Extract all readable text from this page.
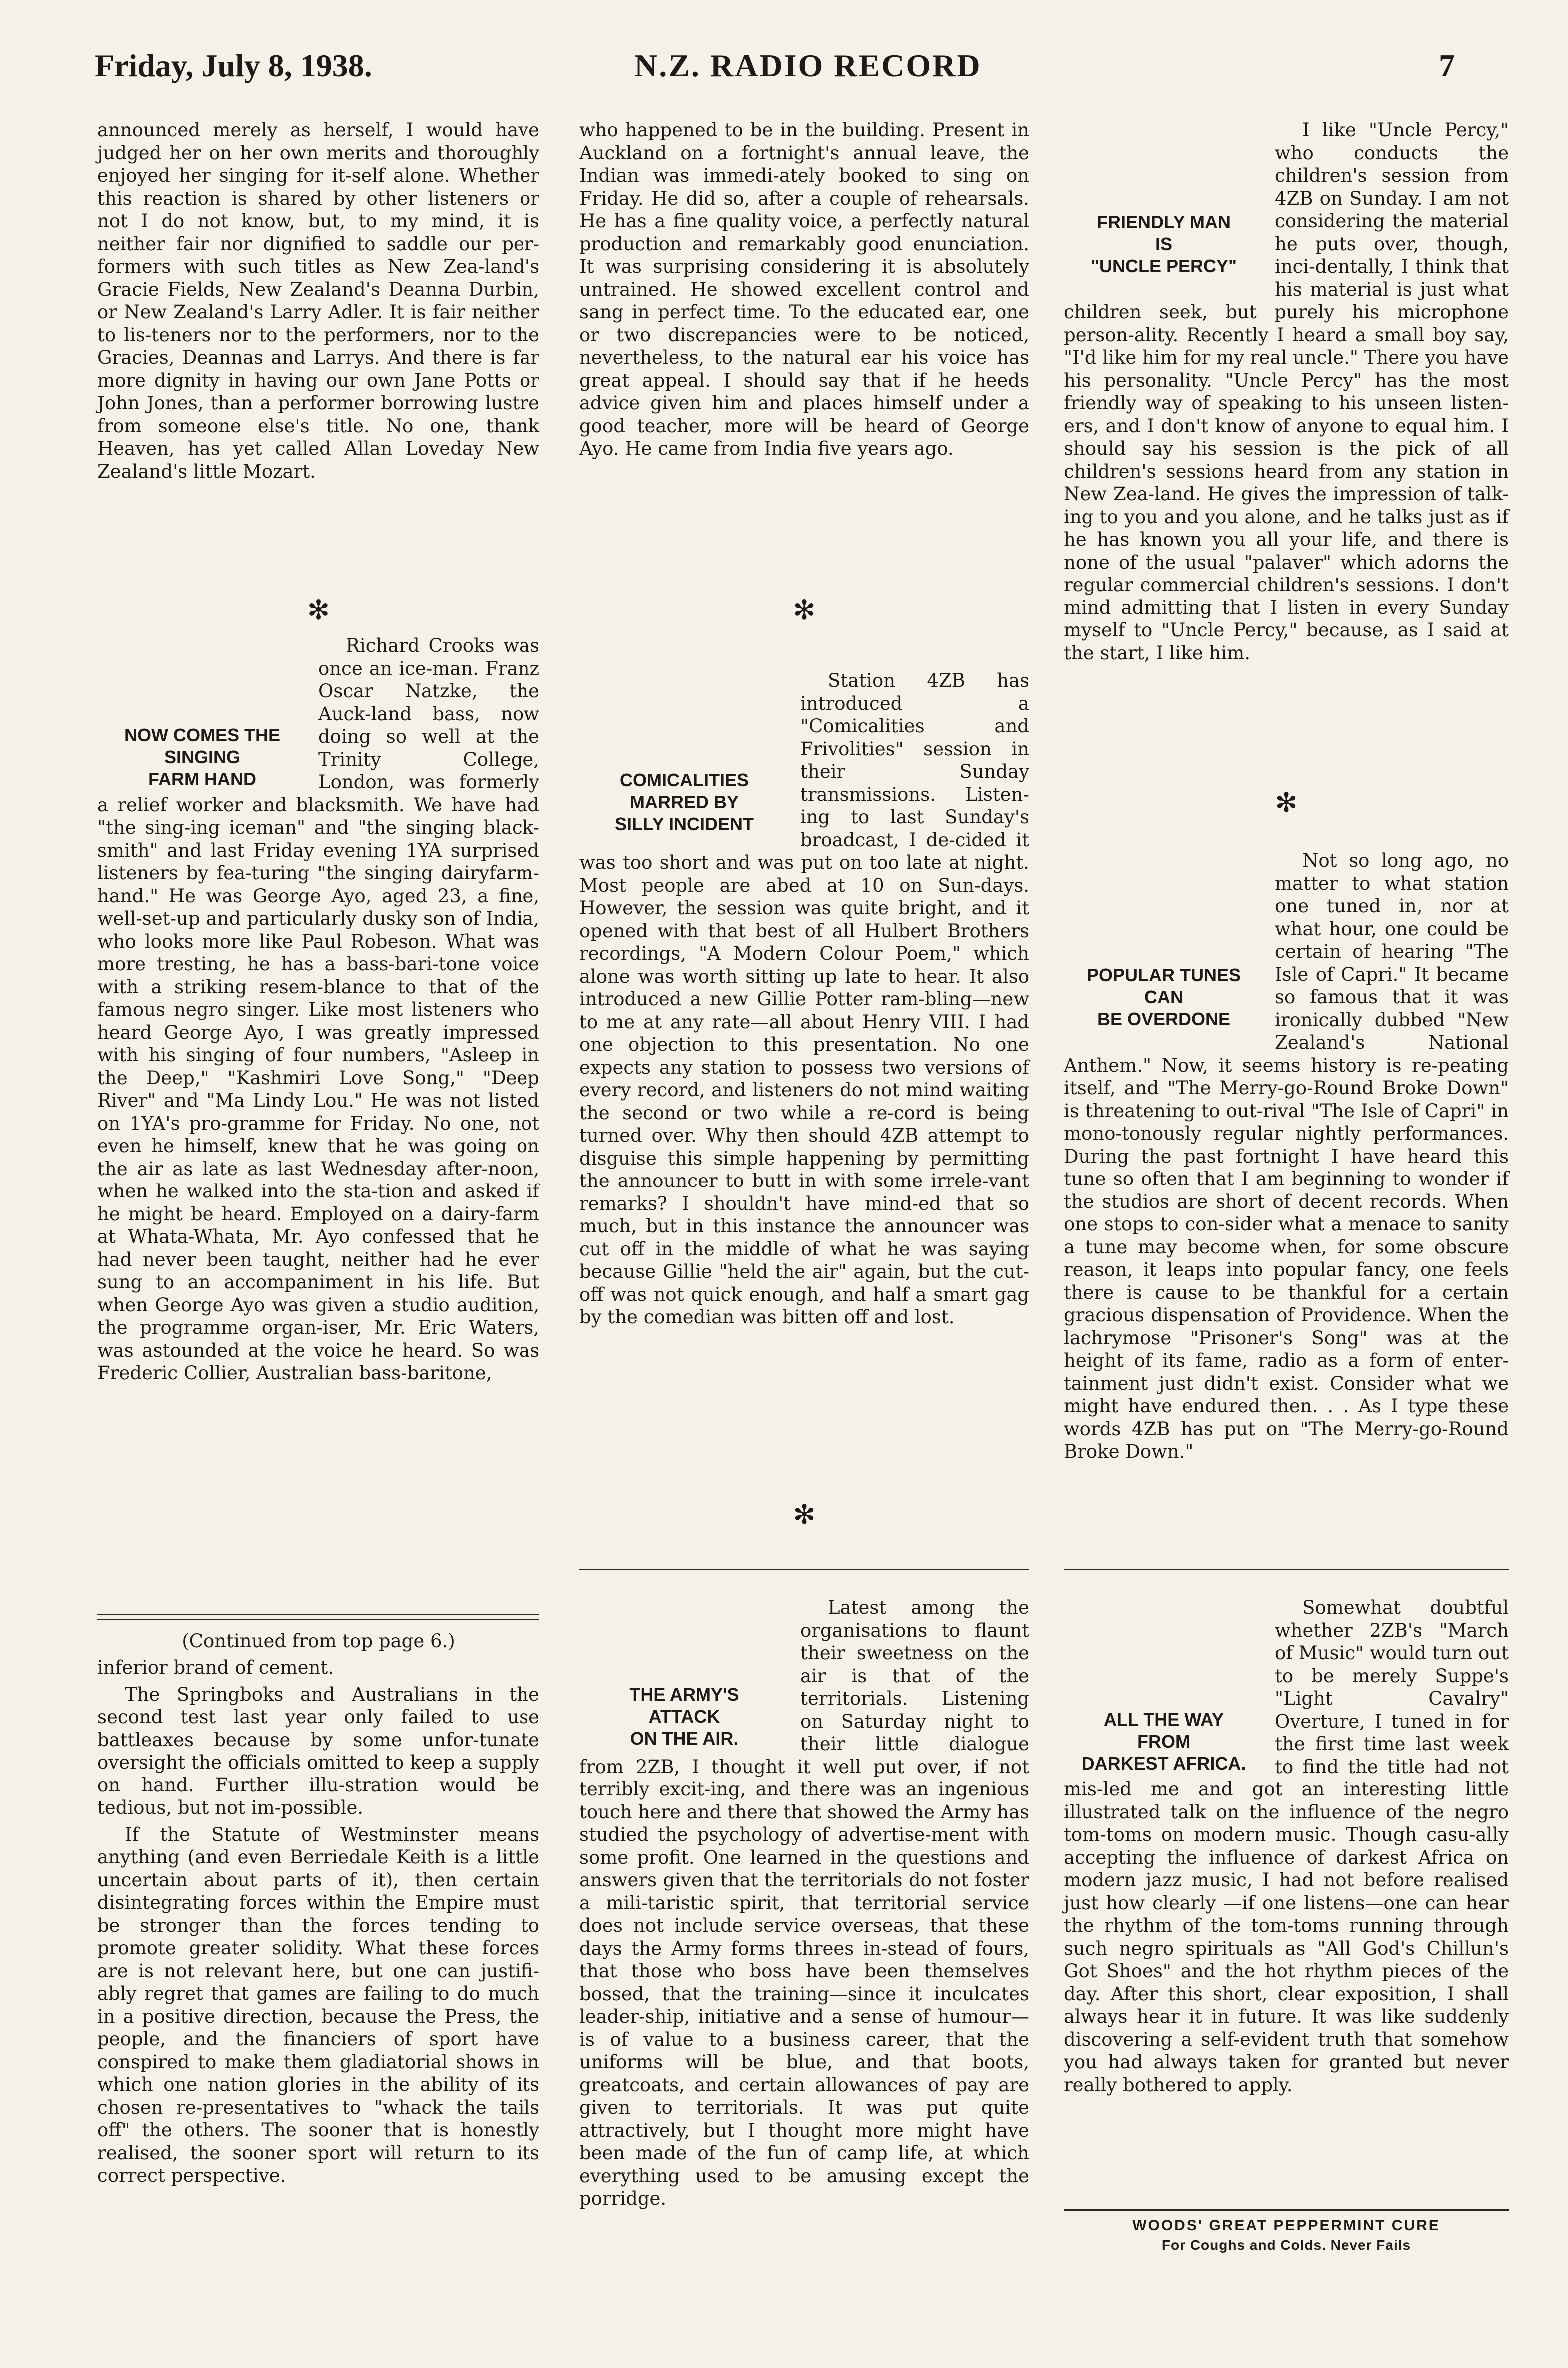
Friday, July 8, 1938.	N.Z. RADIO RECORD	7

announced merely as herself, I would have judged her on her own merits and thoroughly enjoyed her singing for it-self alone. Whether this reaction is shared by other listeners or not I do not know, but, to my mind, it is neither fair nor dignified to saddle our per-formers with such titles as New Zea-land's Gracie Fields, New Zealand's Deanna Durbin, or New Zealand's Larry Adler. It is fair neither to lis-teners nor to the performers, nor to the Gracies, Deannas and Larrys. And there is far more dignity in having our own Jane Potts or John Jones, than a performer borrowing lustre from someone else's title. No one, thank Heaven, has yet called Allan Loveday New Zealand's little Mozart.

✻
NOW COMES THE
SINGING
FARM HAND

Richard Crooks was once an ice-man. Franz Oscar Natzke, the Auck-land bass, now doing so well at the Trinity College, London, was formerly a relief worker and blacksmith. We have had "the sing-ing iceman" and "the singing black-smith" and last Friday evening 1YA surprised listeners by fea-turing "the singing dairyfarm-hand." He was George Ayo, aged 23, a fine, well-set-up and particularly dusky son of India, who looks more like Paul Robeson. What was more tresting, he has a bass-bari-tone voice with a striking resem-blance to that of the famous negro singer. Like most listeners who heard George Ayo, I was greatly impressed with his singing of four numbers, "Asleep in the Deep," "Kashmiri Love Song," "Deep River" and "Ma Lindy Lou." He was not listed on 1YA's pro-gramme for Friday. No one, not even he himself, knew that he was going on the air as late as last Wednesday after-noon, when he walked into the sta-tion and asked if he might be heard. Employed on a dairy-farm at Whata-Whata, Mr. Ayo confessed that he had never been taught, neither had he ever sung to an accompaniment in his life. But when George Ayo was given a studio audition, the programme organ-iser, Mr. Eric Waters, was astounded at the voice he heard. So was Frederic Collier, Australian bass-baritone,

(Continued from top page 6.)

inferior brand of cement.

The Springboks and Australians in the second test last year only failed to use battleaxes because by some unfor-tunate oversight the officials omitted to keep a supply on hand. Further illu-stration would be tedious, but not im-possible.

If the Statute of Westminster means anything (and even Berriedale Keith is a little uncertain about parts of it), then certain disintegrating forces within the Empire must be stronger than the forces tending to promote greater solidity. What these forces are is not relevant here, but one can justifi-ably regret that games are failing to do much in a positive direction, because the Press, the people, and the financiers of sport have conspired to make them gladiatorial shows in which one nation glories in the ability of its chosen re-presentatives to "whack the tails off" the others. The sooner that is honestly realised, the sooner sport will return to its correct perspective.

who happened to be in the building. Present in Auckland on a fortnight's annual leave, the Indian was immedi-ately booked to sing on Friday. He did so, after a couple of rehearsals. He has a fine quality voice, a perfectly natural production and remarkably good enunciation. It was surprising considering it is absolutely untrained. He showed excellent control and sang in perfect time. To the educated ear, one or two discrepancies were to be noticed, nevertheless, to the natural ear his voice has great appeal. I should say that if he heeds advice given him and places himself under a good teacher, more will be heard of George Ayo. He came from India five years ago.

✻
COMICALITIES
MARRED BY
SILLY INCIDENT

Station 4ZB has introduced a "Comicalities and Frivolities" session in their Sunday transmissions. Listen-ing to last Sunday's broadcast, I de-cided it was too short and was put on too late at night. Most people are abed at 10 on Sun-days. However, the session was quite bright, and it opened with that best of all Hulbert Brothers recordings, "A Modern Colour Poem," which alone was worth sitting up late to hear. It also introduced a new Gillie Potter ram-bling—new to me at any rate—all about Henry VIII. I had one objection to this presentation. No one expects any station to possess two versions of every record, and listeners do not mind waiting the second or two while a re-cord is being turned over. Why then should 4ZB attempt to disguise this simple happening by permitting the announcer to butt in with some irrele-vant remarks? I shouldn't have mind-ed that so much, but in this instance the announcer was cut off in the middle of what he was saying because Gillie "held the air" again, but the cut-off was not quick enough, and half a smart gag by the comedian was bitten off and lost.

✻
THE ARMY'S
ATTACK
ON THE AIR.

Latest among the organisations to flaunt their sweetness on the air is that of the territorials. Listening on Saturday night to their little dialogue from 2ZB, I thought it well put over, if not terribly excit-ing, and there was an ingenious touch here and there that showed the Army has studied the psychology of advertise-ment with some profit. One learned in the questions and answers given that the territorials do not foster a mili-taristic spirit, that territorial service does not include service overseas, that these days the Army forms threes in-stead of fours, that those who boss have been themselves bossed, that the training—since it inculcates leader-ship, initiative and a sense of humour—is of value to a business career, that the uniforms will be blue, and that boots, greatcoats, and certain allowances of pay are given to territorials. It was put quite attractively, but I thought more might have been made of the fun of camp life, at which everything used to be amusing except the porridge.

FRIENDLY MAN
IS
"UNCLE PERCY"

I like "Uncle Percy," who conducts the children's session from 4ZB on Sunday. I am not considering the material he puts over, though, inci-dentally, I think that his material is just what children seek, but purely his microphone person-ality. Recently I heard a small boy say, "I'd like him for my real uncle." There you have his personality. "Uncle Percy" has the most friendly way of speaking to his unseen listen-ers, and I don't know of anyone to equal him. I should say his session is the pick of all children's sessions heard from any station in New Zea-land. He gives the impression of talk-ing to you and you alone, and he talks just as if he has known you all your life, and there is none of the usual "palaver" which adorns the regular commercial children's sessions. I don't mind admitting that I listen in every Sunday myself to "Uncle Percy," because, as I said at the start, I like him.

✻
POPULAR TUNES
CAN
BE OVERDONE

Not so long ago, no matter to what station one tuned in, nor at what hour, one could be certain of hearing "The Isle of Capri." It became so famous that it was ironically dubbed "New Zealand's National Anthem." Now, it seems history is re-peating itself, and "The Merry-go-Round Broke Down" is threatening to out-rival "The Isle of Capri" in mono-tonously regular nightly performances. During the past fortnight I have heard this tune so often that I am beginning to wonder if the studios are short of decent records. When one stops to con-sider what a menace to sanity a tune may become when, for some obscure reason, it leaps into popular fancy, one feels there is cause to be thankful for a certain gracious dispensation of Providence. When the lachrymose "Prisoner's Song" was at the height of its fame, radio as a form of enter-tainment just didn't exist. Consider what we might have endured then. . . As I type these words 4ZB has put on "The Merry-go-Round Broke Down."

ALL THE WAY
FROM
DARKEST AFRICA.

Somewhat doubtful whether 2ZB's "March of Music" would turn out to be merely Suppe's "Light Cavalry" Overture, I tuned in for the first time last week to find the title had not mis-led me and got an interesting little illustrated talk on the influence of the negro tom-toms on modern music. Though casu-ally accepting the influence of darkest Africa on modern jazz music, I had not before realised just how clearly —if one listens—one can hear the rhythm of the tom-toms running through such negro spirituals as "All God's Chillun's Got Shoes" and the hot rhythm pieces of the day. After this short, clear exposition, I shall always hear it in future. It was like suddenly discovering a self-evident truth that somehow you had always taken for granted but never really bothered to apply.

WOODS' GREAT PEPPERMINT CURE
For Coughs and Colds. Never Fails
